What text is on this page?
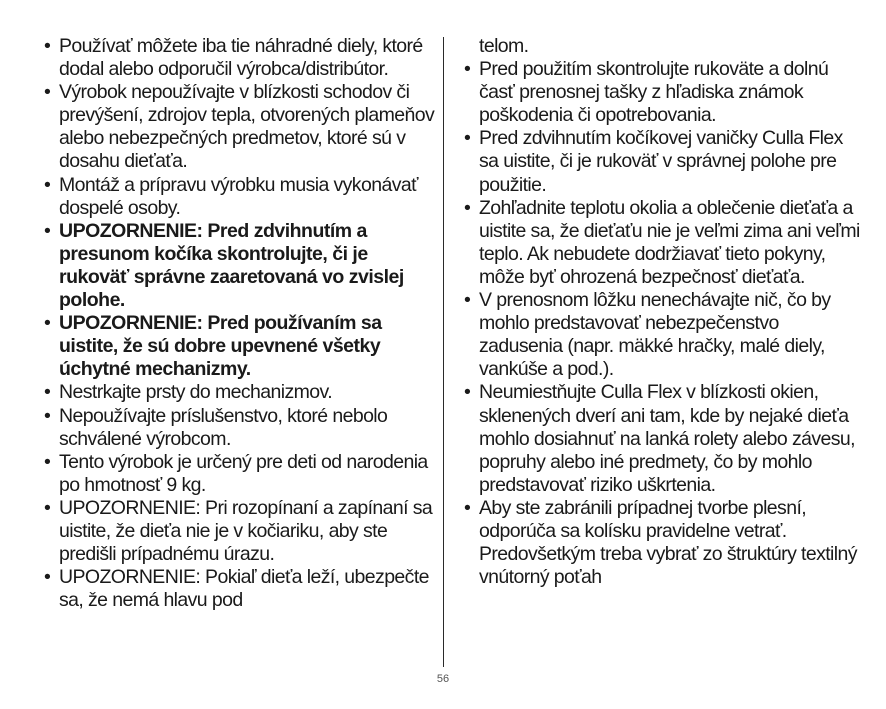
• Používať môžete iba tie náhradné diely, ktoré dodal alebo odporučil výrobca/distribútor.
• Výrobok nepoužívajte v blízkosti schodov či prevýšení, zdrojov tepla, otvorených plameňov alebo nebezpečných predmetov, ktoré sú v dosahu dieťaťa.
• Montáž a prípravu výrobku musia vykonávať dospelé osoby.
• UPOZORNENIE: Pred zdvihnutím a presunom kočíka skontrolujte, či je rukoväť správne zaaretovaná vo zvislej polohe.
• UPOZORNENIE: Pred používaním sa uistite, že sú dobre upevnené všetky úchytné mechanizmy.
• Nestrkajte prsty do mechanizmov.
• Nepoužívajte príslušenstvo, ktoré nebolo schválené výrobcom.
• Tento výrobok je určený pre deti od narodenia po hmotnosť 9 kg.
• UPOZORNENIE: Pri rozopínaní a zapínaní sa uistite, že dieťa nie je v kočiariku, aby ste predišli prípadnému úrazu.
• UPOZORNENIE: Pokiaľ dieťa leží, ubezpečte sa, že nemá hlavu pod
telom.
• Pred použitím skontrolujte rukoväte a dolnú časť prenosnej tašky z hľadiska známok poškodenia či opotrebovania.
• Pred zdvihnutím kočíkovej vaničky Culla Flex sa uistite, či je rukoväť v správnej polohe pre použitie.
• Zohľadnite teplotu okolia a oblečenie dieťaťa a uistite sa, že dieťaťu nie je veľmi zima ani veľmi teplo. Ak nebudete dodržiavať tieto pokyny, môže byť ohrozená bezpečnosť dieťaťa.
• V prenosnom lôžku nenechávajte nič, čo by mohlo predstavovať nebezpečenstvo zadusenia (napr. mäkké hračky, malé diely, vankúše a pod.).
• Neumiestňujte Culla Flex v blízkosti okien, sklenených dverí ani tam, kde by nejaké dieťa mohlo dosiahnuť na lanká rolety alebo závesu, popruhy alebo iné predmety, čo by mohlo predstavovať riziko uškrtenia.
• Aby ste zabránili prípadnej tvorbe plesní, odporúča sa kolísku pravidelne vetrať. Predovšetkým treba vybrať zo štruktúry textilný vnútorný poťah
56
